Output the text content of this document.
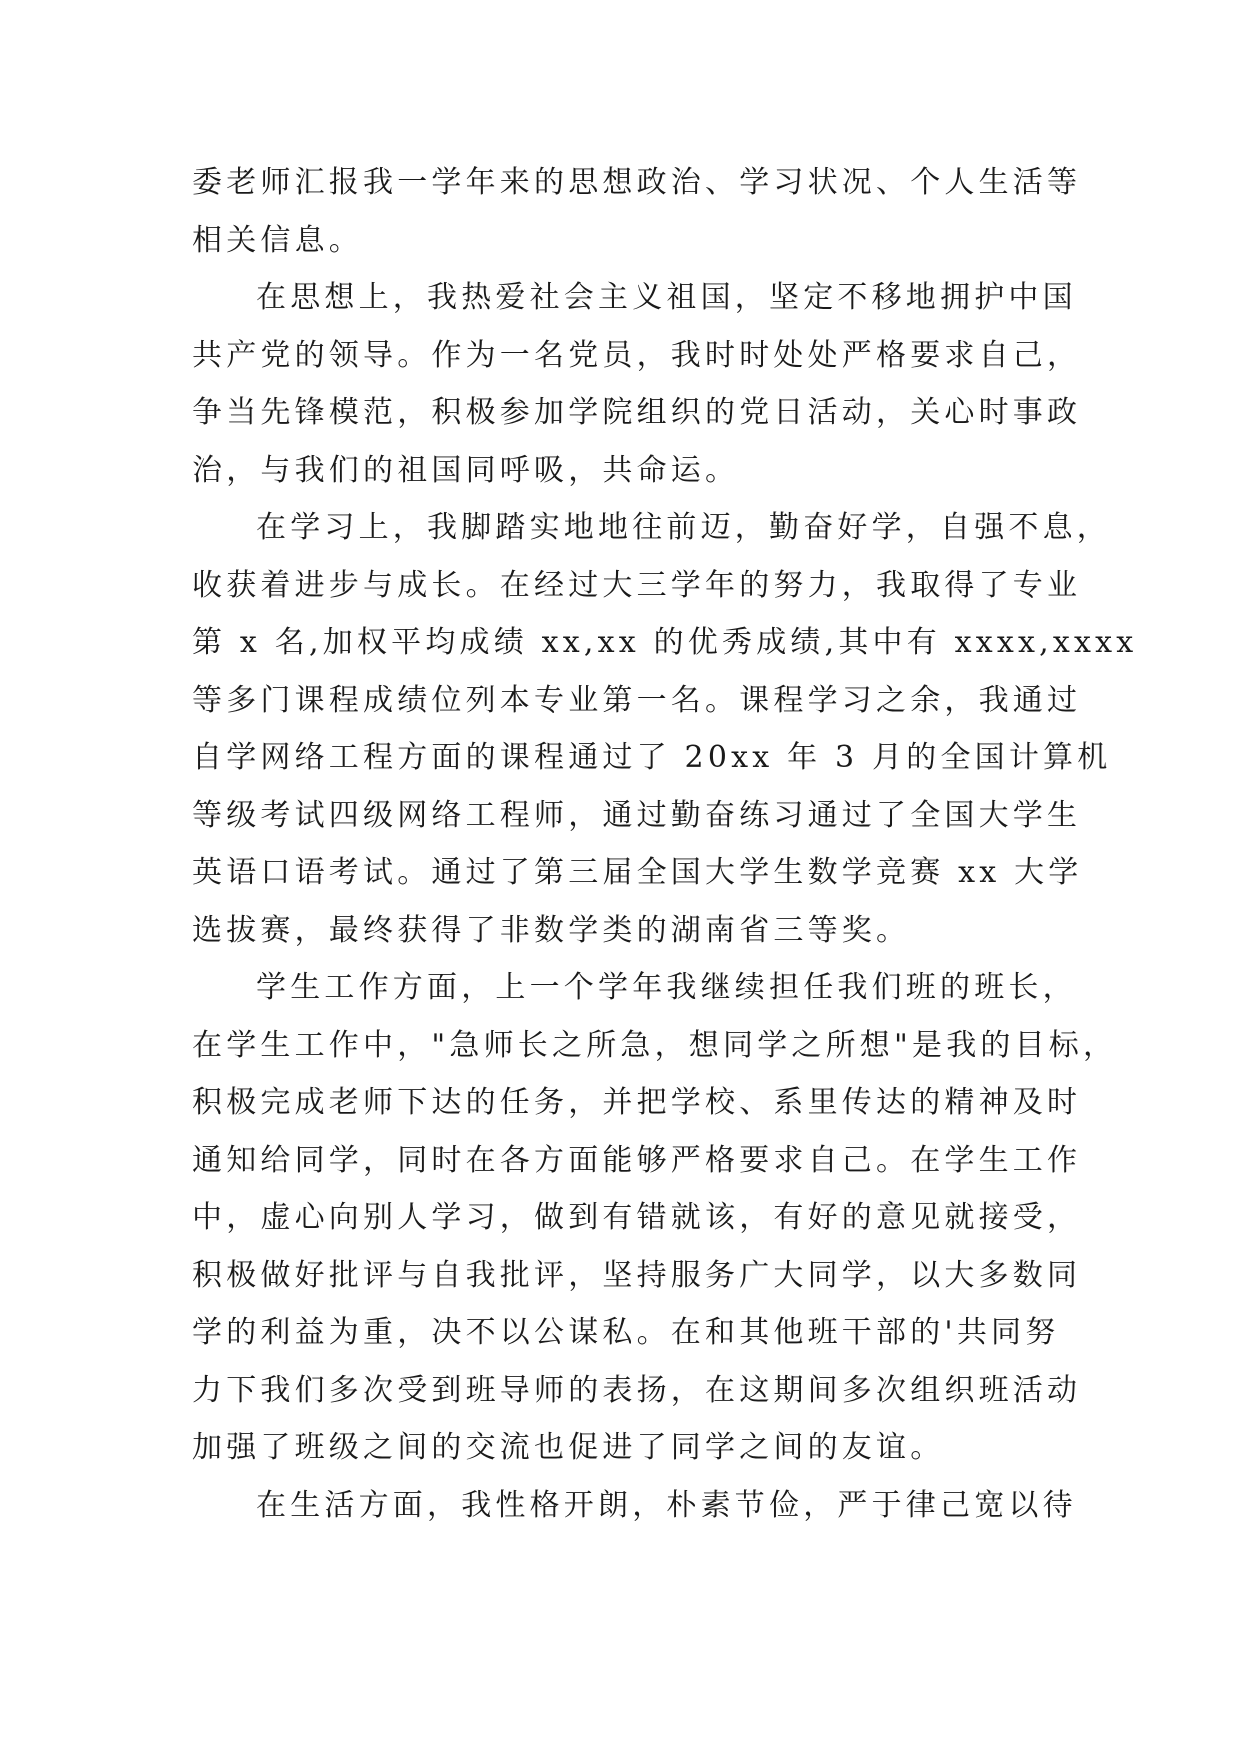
委老师汇报我一学年来的思想政治、学习状况、个人生活等
相关信息。
在思想上，我热爱社会主义祖国，坚定不移地拥护中国
共产党的领导。作为一名党员，我时时处处严格要求自己，
争当先锋模范，积极参加学院组织的党日活动，关心时事政
治，与我们的祖国同呼吸，共命运。
在学习上，我脚踏实地地往前迈，勤奋好学，自强不息，
收获着进步与成长。在经过大三学年的努力，我取得了专业
第 x 名,加权平均成绩 xx,xx 的优秀成绩,其中有 xxxx,xxxx
等多门课程成绩位列本专业第一名。课程学习之余，我通过
自学网络工程方面的课程通过了 20xx 年 3 月的全国计算机
等级考试四级网络工程师，通过勤奋练习通过了全国大学生
英语口语考试。通过了第三届全国大学生数学竞赛 xx 大学
选拔赛，最终获得了非数学类的湖南省三等奖。
学生工作方面，上一个学年我继续担任我们班的班长，
在学生工作中，"急师长之所急，想同学之所想"是我的目标，
积极完成老师下达的任务，并把学校、系里传达的精神及时
通知给同学，同时在各方面能够严格要求自己。在学生工作
中，虚心向别人学习，做到有错就该，有好的意见就接受，
积极做好批评与自我批评，坚持服务广大同学，以大多数同
学的利益为重，决不以公谋私。在和其他班干部的'共同努
力下我们多次受到班导师的表扬，在这期间多次组织班活动
加强了班级之间的交流也促进了同学之间的友谊。
在生活方面，我性格开朗，朴素节俭，严于律己宽以待
